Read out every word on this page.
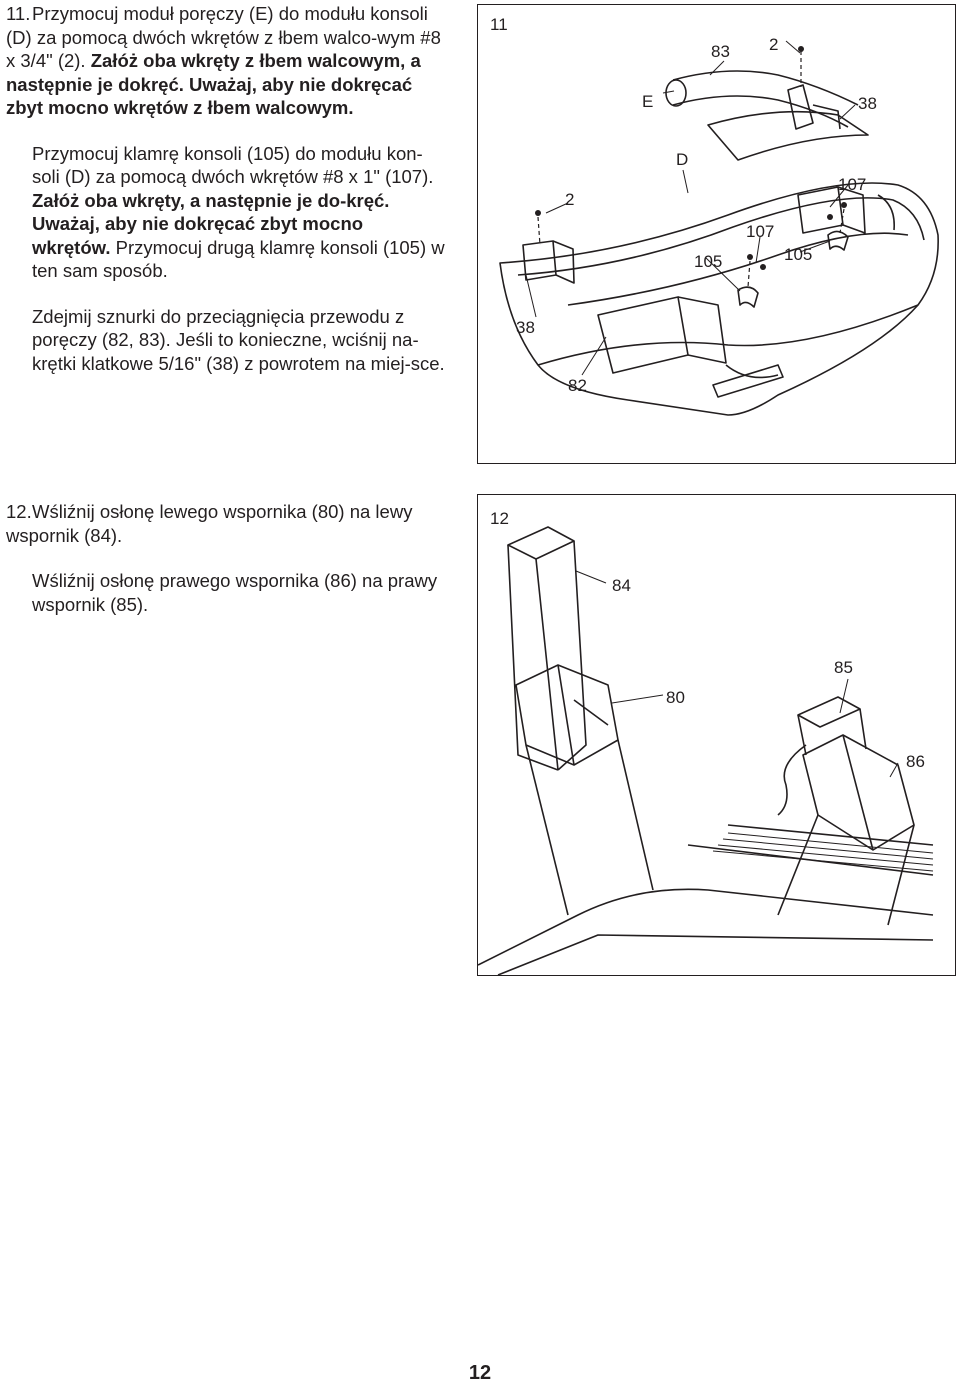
11.Przymocuj moduł poręczy (E) do modułu konsoli (D) za pomocą dwóch wkrętów z łbem walco-wym #8 x 3/4" (2). Załóż oba wkręty z łbem walcowym, a następnie je dokręć. Uważaj, aby nie dokręcać zbyt mocno wkrętów z łbem walcowym.

Przymocuj klamrę konsoli (105) do modułu kon-soli (D) za pomocą dwóch wkrętów #8 x 1" (107). Załóż oba wkręty, a następnie je do-kręć. Uważaj, aby nie dokręcać zbyt mocno wkrętów. Przymocuj drugą klamrę konsoli (105) w ten sam sposób.

Zdejmij sznurki do przeciągnięcia przewodu z poręczy (82, 83). Jeśli to konieczne, wciśnij na-krętki klatkowe 5/16" (38) z powrotem na miej-sce.

12.Wśliźnij osłonę lewego wspornika (80) na lewy wspornik (84).

Wśliźnij osłonę prawego wspornika (86) na prawy wspornik (85).

11
83 2
E	38
D
107
2
107
105	105
38
82
12
84
85
80
86
12
